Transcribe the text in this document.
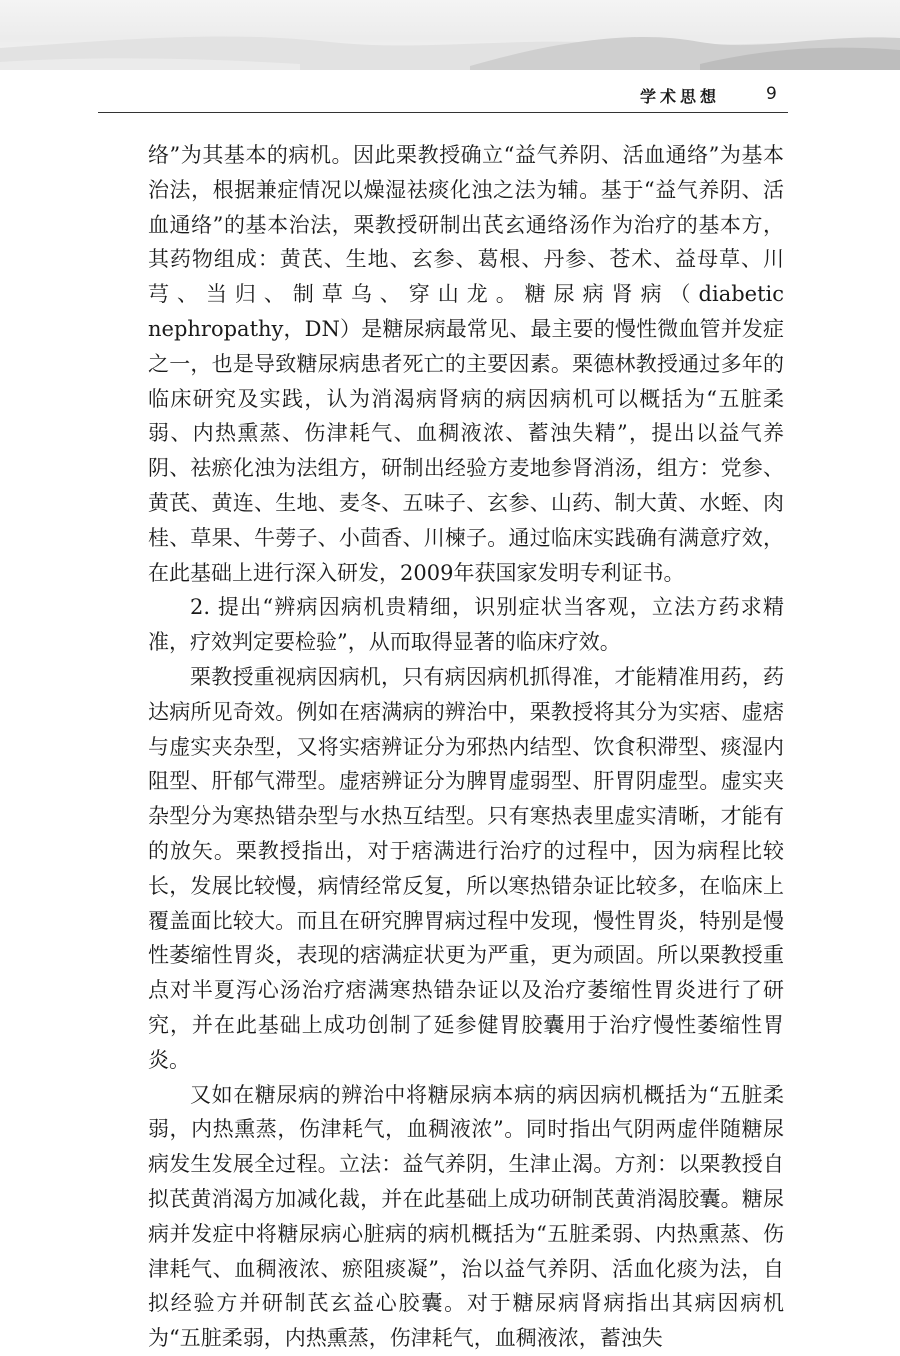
学术思想	9

络”为其基本的病机。因此栗教授确立“益气养阴、活血通络”为基本治法，根据兼症情况以燥湿祛痰化浊之法为辅。基于“益气养阴、活血通络”的基本治法，栗教授研制出芪玄通络汤作为治疗的基本方，其药物组成：黄芪、生地、玄参、葛根、丹参、苍术、益母草、川芎、当归、制草乌、穿山龙。糖尿病肾病（diabetic nephropathy，DN）是糖尿病最常见、最主要的慢性微血管并发症之一，也是导致糖尿病患者死亡的主要因素。栗德林教授通过多年的临床研究及实践，认为消渴病肾病的病因病机可以概括为“五脏柔弱、内热熏蒸、伤津耗气、血稠液浓、蓄浊失精”，提出以益气养阴、祛瘀化浊为法组方，研制出经验方麦地参肾消汤，组方：党参、黄芪、黄连、生地、麦冬、五味子、玄参、山药、制大黄、水蛭、肉桂、草果、牛蒡子、小茴香、川楝子。通过临床实践确有满意疗效，在此基础上进行深入研发，2009年获国家发明专利证书。

2. 提出“辨病因病机贵精细，识别症状当客观，立法方药求精准，疗效判定要检验”，从而取得显著的临床疗效。

栗教授重视病因病机，只有病因病机抓得准，才能精准用药，药达病所见奇效。例如在痞满病的辨治中，栗教授将其分为实痞、虚痞与虚实夹杂型，又将实痞辨证分为邪热内结型、饮食积滞型、痰湿内阻型、肝郁气滞型。虚痞辨证分为脾胃虚弱型、肝胃阴虚型。虚实夹杂型分为寒热错杂型与水热互结型。只有寒热表里虚实清晰，才能有的放矢。栗教授指出，对于痞满进行治疗的过程中，因为病程比较长，发展比较慢，病情经常反复，所以寒热错杂证比较多，在临床上覆盖面比较大。而且在研究脾胃病过程中发现，慢性胃炎，特别是慢性萎缩性胃炎，表现的痞满症状更为严重，更为顽固。所以栗教授重点对半夏泻心汤治疗痞满寒热错杂证以及治疗萎缩性胃炎进行了研究，并在此基础上成功创制了延参健胃胶囊用于治疗慢性萎缩性胃炎。

又如在糖尿病的辨治中将糖尿病本病的病因病机概括为“五脏柔弱，内热熏蒸，伤津耗气，血稠液浓”。同时指出气阴两虚伴随糖尿病发生发展全过程。立法：益气养阴，生津止渴。方剂：以栗教授自拟芪黄消渴方加减化裁，并在此基础上成功研制芪黄消渴胶囊。糖尿病并发症中将糖尿病心脏病的病机概括为“五脏柔弱、内热熏蒸、伤津耗气、血稠液浓、瘀阻痰凝”，治以益气养阴、活血化痰为法，自拟经验方并研制芪玄益心胶囊。对于糖尿病肾病指出其病因病机为“五脏柔弱，内热熏蒸，伤津耗气，血稠液浓，蓄浊失
